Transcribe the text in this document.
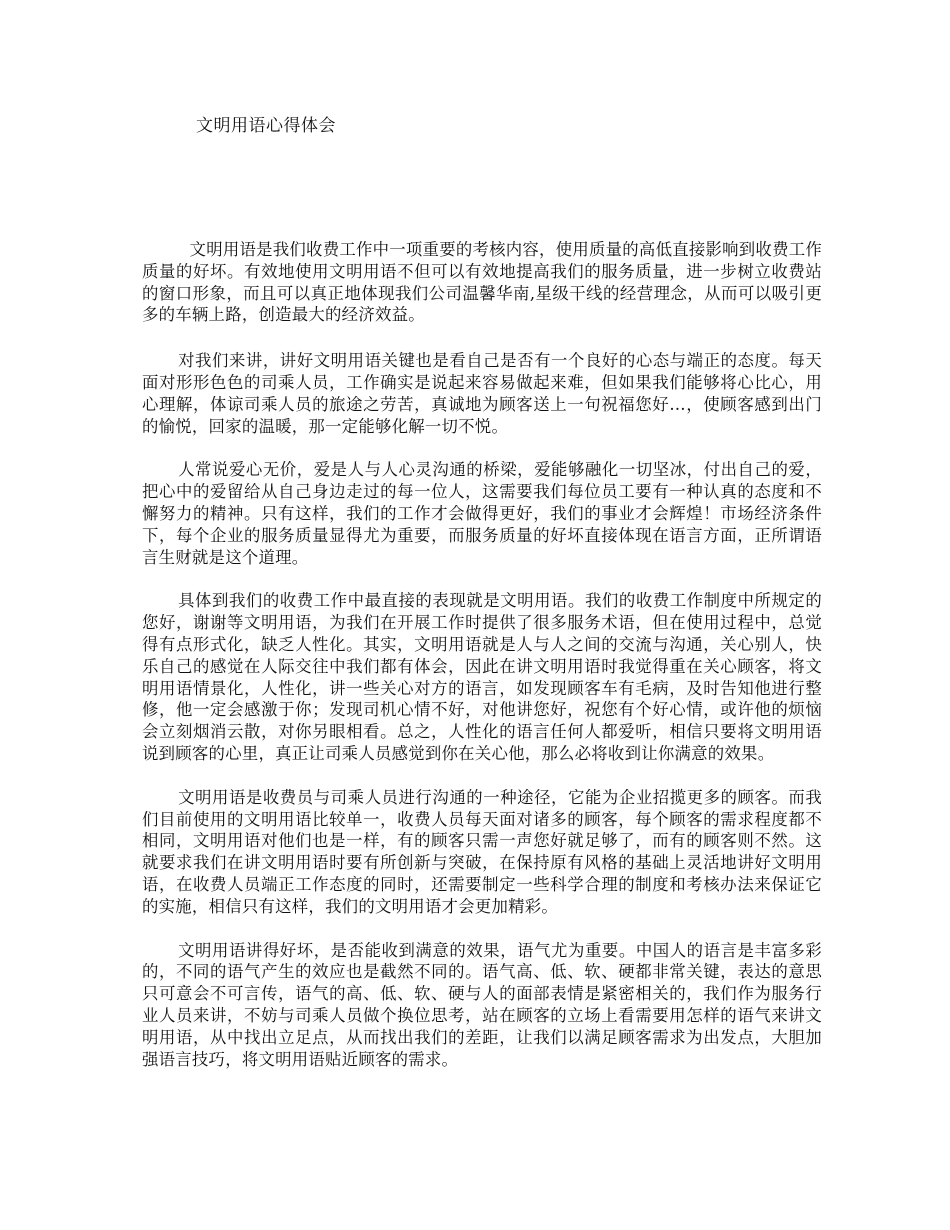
文明用语心得体会

文明用语是我们收费工作中一项重要的考核内容，使用质量的高低直接影响到收费工作质量的好坏。有效地使用文明用语不但可以有效地提高我们的服务质量，进一步树立收费站的窗口形象，而且可以真正地体现我们公司温馨华南,星级干线的经营理念，从而可以吸引更多的车辆上路，创造最大的经济效益。

对我们来讲，讲好文明用语关键也是看自己是否有一个良好的心态与端正的态度。每天面对形形色色的司乘人员，工作确实是说起来容易做起来难，但如果我们能够将心比心，用心理解，体谅司乘人员的旅途之劳苦，真诚地为顾客送上一句祝福您好…，使顾客感到出门的愉悦，回家的温暖，那一定能够化解一切不悦。

人常说爱心无价，爱是人与人心灵沟通的桥梁，爱能够融化一切坚冰，付出自己的爱，把心中的爱留给从自己身边走过的每一位人，这需要我们每位员工要有一种认真的态度和不懈努力的精神。只有这样，我们的工作才会做得更好，我们的事业才会辉煌！市场经济条件下，每个企业的服务质量显得尤为重要，而服务质量的好坏直接体现在语言方面，正所谓语言生财就是这个道理。

具体到我们的收费工作中最直接的表现就是文明用语。我们的收费工作制度中所规定的您好，谢谢等文明用语，为我们在开展工作时提供了很多服务术语，但在使用过程中，总觉得有点形式化，缺乏人性化。其实，文明用语就是人与人之间的交流与沟通，关心别人，快乐自己的感觉在人际交往中我们都有体会，因此在讲文明用语时我觉得重在关心顾客，将文明用语情景化，人性化，讲一些关心对方的语言，如发现顾客车有毛病，及时告知他进行整修，他一定会感激于你；发现司机心情不好，对他讲您好，祝您有个好心情，或许他的烦恼会立刻烟消云散，对你另眼相看。总之，人性化的语言任何人都爱听，相信只要将文明用语说到顾客的心里，真正让司乘人员感觉到你在关心他，那么必将收到让你满意的效果。

文明用语是收费员与司乘人员进行沟通的一种途径，它能为企业招揽更多的顾客。而我们目前使用的文明用语比较单一，收费人员每天面对诸多的顾客，每个顾客的需求程度都不相同，文明用语对他们也是一样，有的顾客只需一声您好就足够了，而有的顾客则不然。这就要求我们在讲文明用语时要有所创新与突破，在保持原有风格的基础上灵活地讲好文明用语，在收费人员端正工作态度的同时，还需要制定一些科学合理的制度和考核办法来保证它的实施，相信只有这样，我们的文明用语才会更加精彩。

文明用语讲得好坏，是否能收到满意的效果，语气尤为重要。中国人的语言是丰富多彩的，不同的语气产生的效应也是截然不同的。语气高、低、软、硬都非常关键，表达的意思只可意会不可言传，语气的高、低、软、硬与人的面部表情是紧密相关的，我们作为服务行业人员来讲，不妨与司乘人员做个换位思考，站在顾客的立场上看需要用怎样的语气来讲文明用语，从中找出立足点，从而找出我们的差距，让我们以满足顾客需求为出发点，大胆加强语言技巧，将文明用语贴近顾客的需求。
